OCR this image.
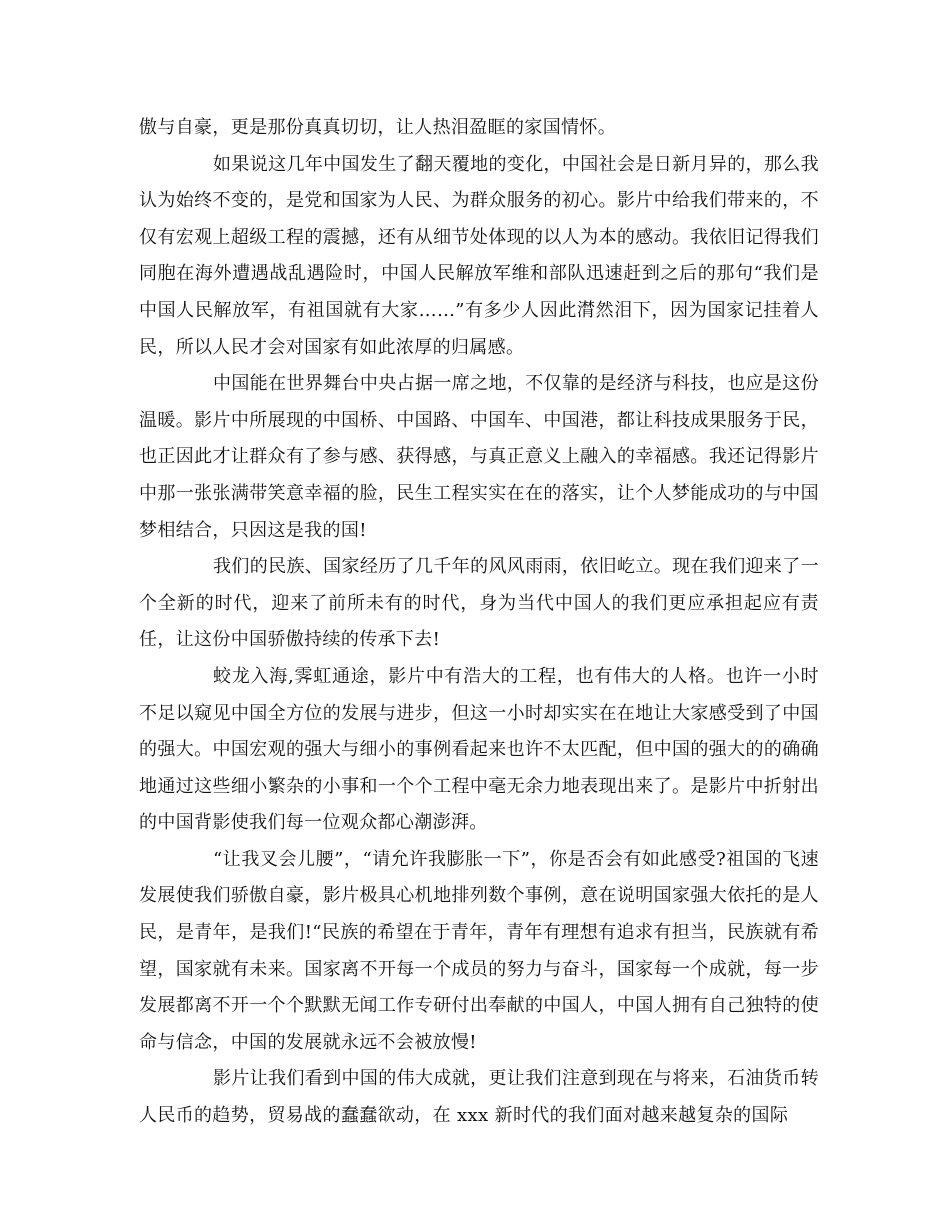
傲与自豪，更是那份真真切切，让人热泪盈眶的家国情怀。

如果说这几年中国发生了翻天覆地的变化，中国社会是日新月异的，那么我认为始终不变的，是党和国家为人民、为群众服务的初心。影片中给我们带来的，不仅有宏观上超级工程的震撼，还有从细节处体现的以人为本的感动。我依旧记得我们同胞在海外遭遇战乱遇险时，中国人民解放军维和部队迅速赶到之后的那句“我们是中国人民解放军，有祖国就有大家……”有多少人因此潸然泪下，因为国家记挂着人民，所以人民才会对国家有如此浓厚的归属感。

中国能在世界舞台中央占据一席之地，不仅靠的是经济与科技，也应是这份温暖。影片中所展现的中国桥、中国路、中国车、中国港，都让科技成果服务于民，也正因此才让群众有了参与感、获得感，与真正意义上融入的幸福感。我还记得影片中那一张张满带笑意幸福的脸，民生工程实实在在的落实，让个人梦能成功的与中国梦相结合，只因这是我的国!

我们的民族、国家经历了几千年的风风雨雨，依旧屹立。现在我们迎来了一个全新的时代，迎来了前所未有的时代，身为当代中国人的我们更应承担起应有责任，让这份中国骄傲持续的传承下去!

蛟龙入海,霁虹通途，影片中有浩大的工程，也有伟大的人格。也许一小时不足以窥见中国全方位的发展与进步，但这一小时却实实在在地让大家感受到了中国的强大。中国宏观的强大与细小的事例看起来也许不太匹配，但中国的强大的的确确地通过这些细小繁杂的小事和一个个工程中毫无余力地表现出来了。是影片中折射出的中国背影使我们每一位观众都心潮澎湃。

“让我叉会儿腰”，“请允许我膨胀一下”，你是否会有如此感受?祖国的飞速发展使我们骄傲自豪，影片极具心机地排列数个事例，意在说明国家强大依托的是人民，是青年，是我们!“民族的希望在于青年，青年有理想有追求有担当，民族就有希望，国家就有未来。国家离不开每一个成员的努力与奋斗，国家每一个成就，每一步发展都离不开一个个默默无闻工作专研付出奉献的中国人，中国人拥有自己独特的使命与信念，中国的发展就永远不会被放慢!

影片让我们看到中国的伟大成就，更让我们注意到现在与将来，石油货币转人民币的趋势，贸易战的蠢蠢欲动，在 xxx 新时代的我们面对越来越复杂的国际
